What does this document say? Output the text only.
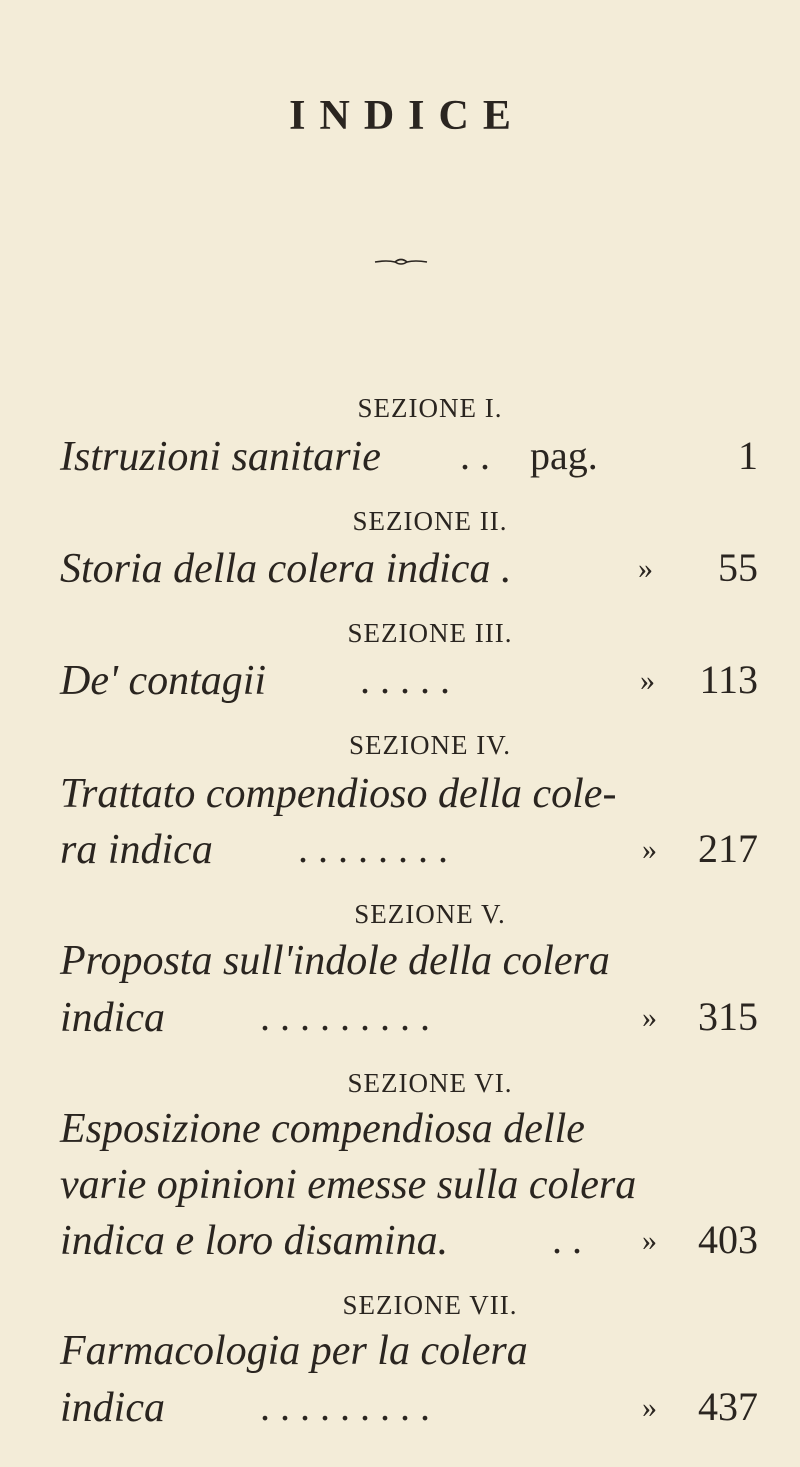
INDICE
SEZIONE I.
Istruzioni sanitarie . . pag.	1
SEZIONE II.
Storia della colera indica .	»	55
SEZIONE III.
De' contagii . . . . .	»	113
SEZIONE IV.
Trattato compendioso della cole-
ra indica . . . . . . . .	»	217
SEZIONE V.
Proposta sull'indole della colera
indica . . . . . . . . .	»	315
SEZIONE VI.
Esposizione compendiosa delle
varie opinioni emesse sulla colera
indica e loro disamina.	. . »	403
SEZIONE VII.
Farmacologia per la colera
indica . . . . . . . . .	»	437
